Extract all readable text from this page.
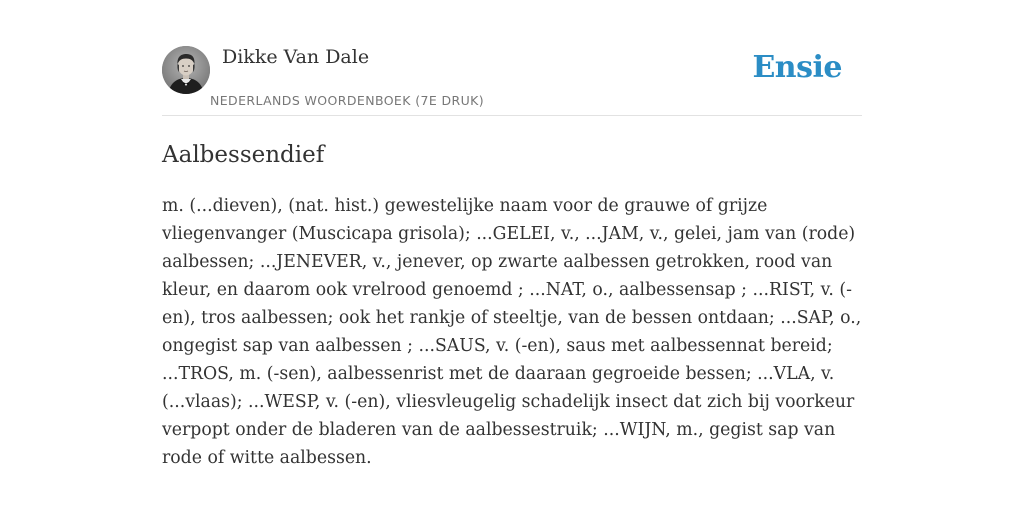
Dikke Van Dale
NEDERLANDS WOORDENBOEK (7E DRUK)
Ensie
Aalbessendief

m. (...dieven), (nat. hist.) gewestelijke naam voor de grauwe of grijze vliegenvanger (Muscicapa grisola); ...GELEI, v., ...JAM, v., gelei, jam van (rode) aalbessen; ...JENEVER, v., jenever, op zwarte aalbessen getrokken, rood van kleur, en daarom ook vrelrood genoemd ; ...NAT, o., aalbessensap ; ...RIST, v. (-en), tros aalbessen; ook het rankje of steeltje, van de bessen ontdaan; ...SAP, o., ongegist sap van aalbessen ; ...SAUS, v. (-en), saus met aalbessennat bereid; ...TROS, m. (-sen), aalbessenrist met de daaraan gegroeide bessen; ...VLA, v. (...vlaas); ...WESP, v. (-en), vliesvleugelig schadelijk insect dat zich bij voorkeur verpopt onder de bladeren van de aalbessestruik; ...WIJN, m., gegist sap van rode of witte aalbessen.
